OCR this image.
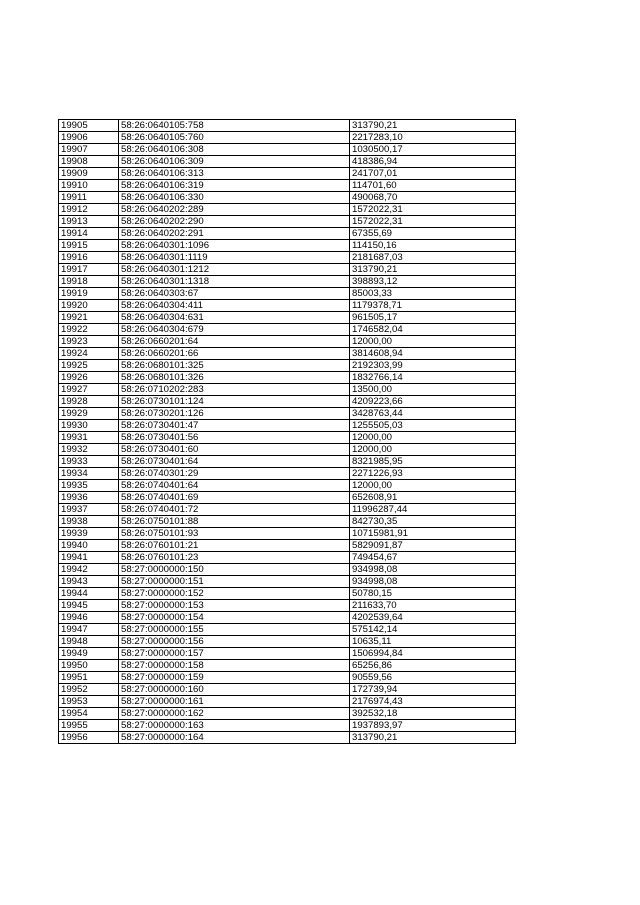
19905	58:26:0640105:758	313790,21
19906	58:26:0640105:760	2217283,10
19907	58:26:0640106:308	1030500,17
19908	58:26:0640106:309	418386,94
19909	58:26:0640106:313	241707,01
19910	58:26:0640106:319	114701,60
19911	58:26:0640106:330	490068,70
19912	58:26:0640202:289	1572022,31
19913	58:26:0640202:290	1572022,31
19914	58:26:0640202:291	67355,69
19915	58:26:0640301:1096	114150,16
19916	58:26:0640301:1119	2181687,03
19917	58:26:0640301:1212	313790,21
19918	58:26:0640301:1318	398893,12
19919	58:26:0640303:67	85003,33
19920	58:26:0640304:411	1179378,71
19921	58:26:0640304:631	961505,17
19922	58:26:0640304:679	1746582,04
19923	58:26:0660201:64	12000,00
19924	58:26:0660201:66	3814608,94
19925	58:26:0680101:325	2192303,99
19926	58:26:0680101:326	1832766,14
19927	58:26:0710202:283	13500,00
19928	58:26:0730101:124	4209223,66
19929	58:26:0730201:126	3428763,44
19930	58:26:0730401:47	1255505,03
19931	58:26:0730401:56	12000,00
19932	58:26:0730401:60	12000,00
19933	58:26:0730401:64	8321985,95
19934	58:26:0740301:29	2271226,93
19935	58:26:0740401:64	12000,00
19936	58:26:0740401:69	652608,91
19937	58:26:0740401:72	11996287,44
19938	58:26:0750101:88	842730,35
19939	58:26:0750101:93	10715981,91
19940	58:26:0760101:21	5829091,87
19941	58:26:0760101:23	749454,67
19942	58:27:0000000:150	934998,08
19943	58:27:0000000:151	934998,08
19944	58:27:0000000:152	50780,15
19945	58:27:0000000:153	211633,70
19946	58:27:0000000:154	4202539,64
19947	58:27:0000000:155	575142,14
19948	58:27:0000000:156	10635,11
19949	58:27:0000000:157	1506994,84
19950	58:27:0000000:158	65256,86
19951	58:27:0000000:159	90559,56
19952	58:27:0000000:160	172739,94
19953	58:27:0000000:161	2176974,43
19954	58:27:0000000:162	392532,18
19955	58:27:0000000:163	1937893,97
19956	58:27:0000000:164	313790,21
